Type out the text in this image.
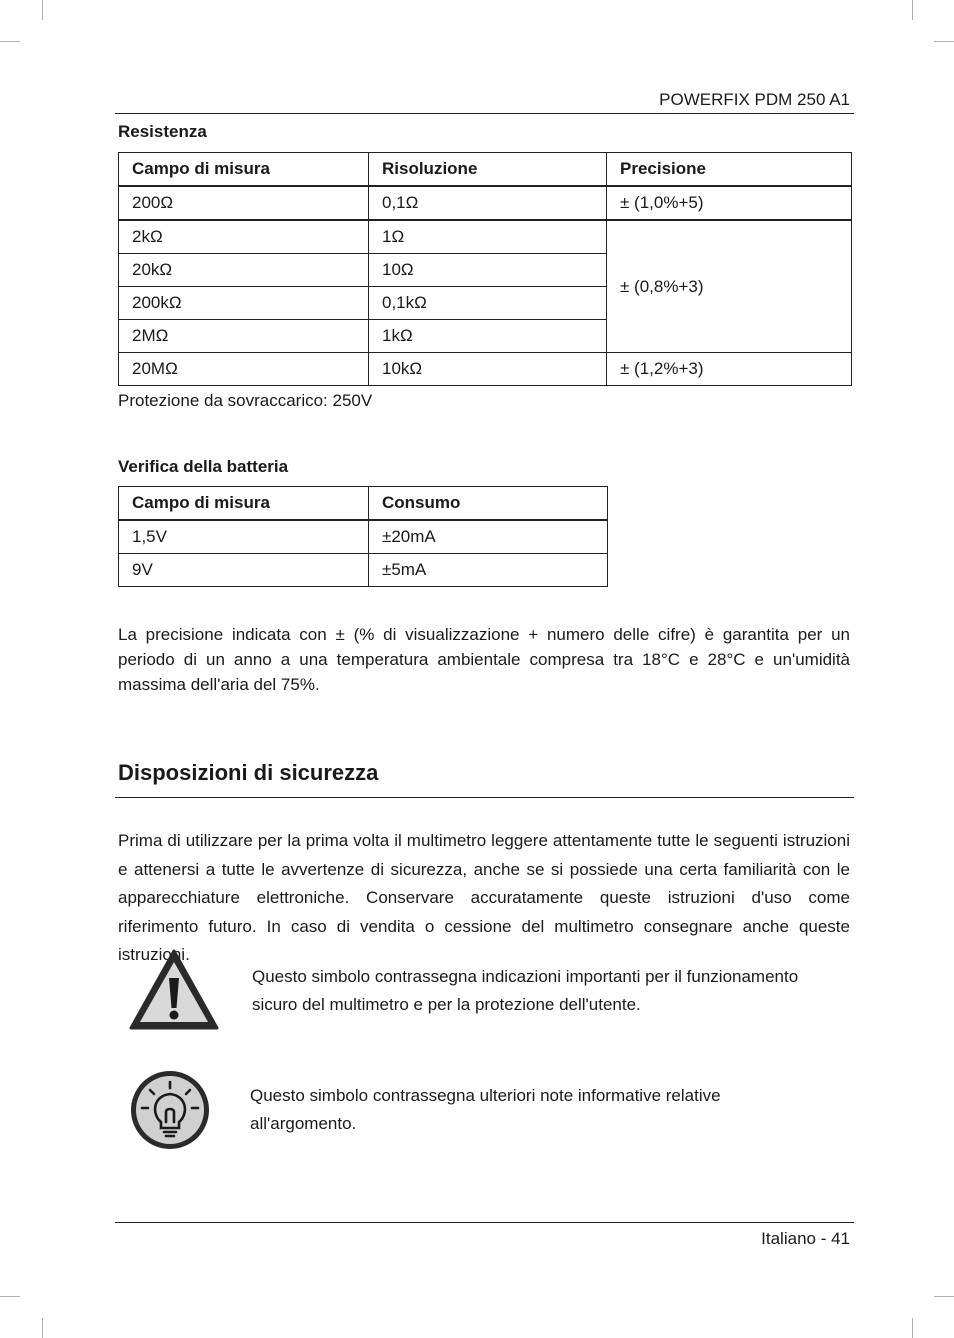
POWERFIX PDM 250 A1
Resistenza
Campo di misura	Risoluzione	Precisione
200Ω	0,1Ω	± (1,0%+5)
2kΩ	1Ω	± (0,8%+3)
20kΩ	10Ω	
200kΩ	0,1kΩ	
2MΩ	1kΩ	
20MΩ	10kΩ	± (1,2%+3)
Protezione da sovraccarico: 250V
Verifica della batteria
Campo di misura	Consumo
1,5V	±20mA
9V	±5mA
La precisione indicata con ± (% di visualizzazione + numero delle cifre) è garantita per un periodo di un anno a una temperatura ambientale compresa tra 18°C e 28°C e un'umidità massima dell'aria del 75%.
Disposizioni di sicurezza
Prima di utilizzare per la prima volta il multimetro leggere attentamente tutte le seguenti istruzioni e attenersi a tutte le avvertenze di sicurezza, anche se si possiede una certa familiarità con le apparecchiature elettroniche. Conservare accuratamente queste istruzioni d'uso come riferimento futuro. In caso di vendita o cessione del multimetro consegnare anche queste istruzioni.
Questo simbolo contrassegna indicazioni importanti per il funzionamento sicuro del multimetro e per la protezione dell'utente.
Questo simbolo contrassegna ulteriori note informative relative all'argomento.
Italiano - 41
